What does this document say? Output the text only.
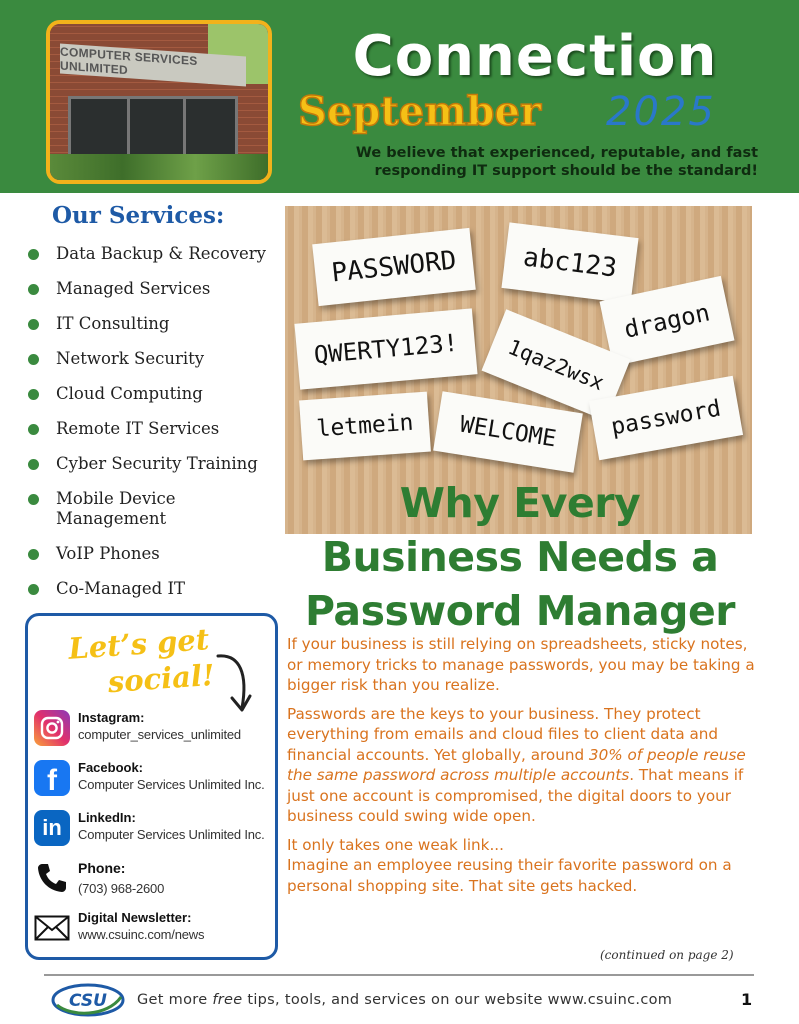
COMPUTER SERVICES UNLIMITED	Connection
September 2025
We believe that experienced, reputable, and fast
responding IT support should be the standard!
Our Services:
Data Backup & Recovery
Managed Services
IT Consulting
Network Security
Cloud Computing
Remote IT Services
Cyber Security Training
Mobile Device Management
VoIP Phones
Co-Managed IT
Let’s get
social!
Instagram:
computer_services_unlimited
f Facebook:
Computer Services Unlimited Inc.
in LinkedIn:
Computer Services Unlimited Inc.
Phone:
(703) 968-2600
Digital Newsletter:
www.csuinc.com/news
PASSWORD	abc123
QWERTY123!
dragon
1qaz2wsx
letmein	WELCOME	password
Why Every
Business Needs a
Password Manager

If your business is still relying on spreadsheets, sticky notes, or memory tricks to manage passwords, you may be taking a bigger risk than you realize.

Passwords are the keys to your business. They protect everything from emails and cloud files to client data and financial accounts. Yet globally, around 30% of people reuse the same password across multiple accounts. That means if just one account is compromised, the digital doors to your business could swing wide open.

It only takes one weak link...
Imagine an employee reusing their favorite password on a personal shopping site. That site gets hacked.

(continued on page 2)
CSU Get more free tips, tools, and services on our website www.csuinc.com	1
